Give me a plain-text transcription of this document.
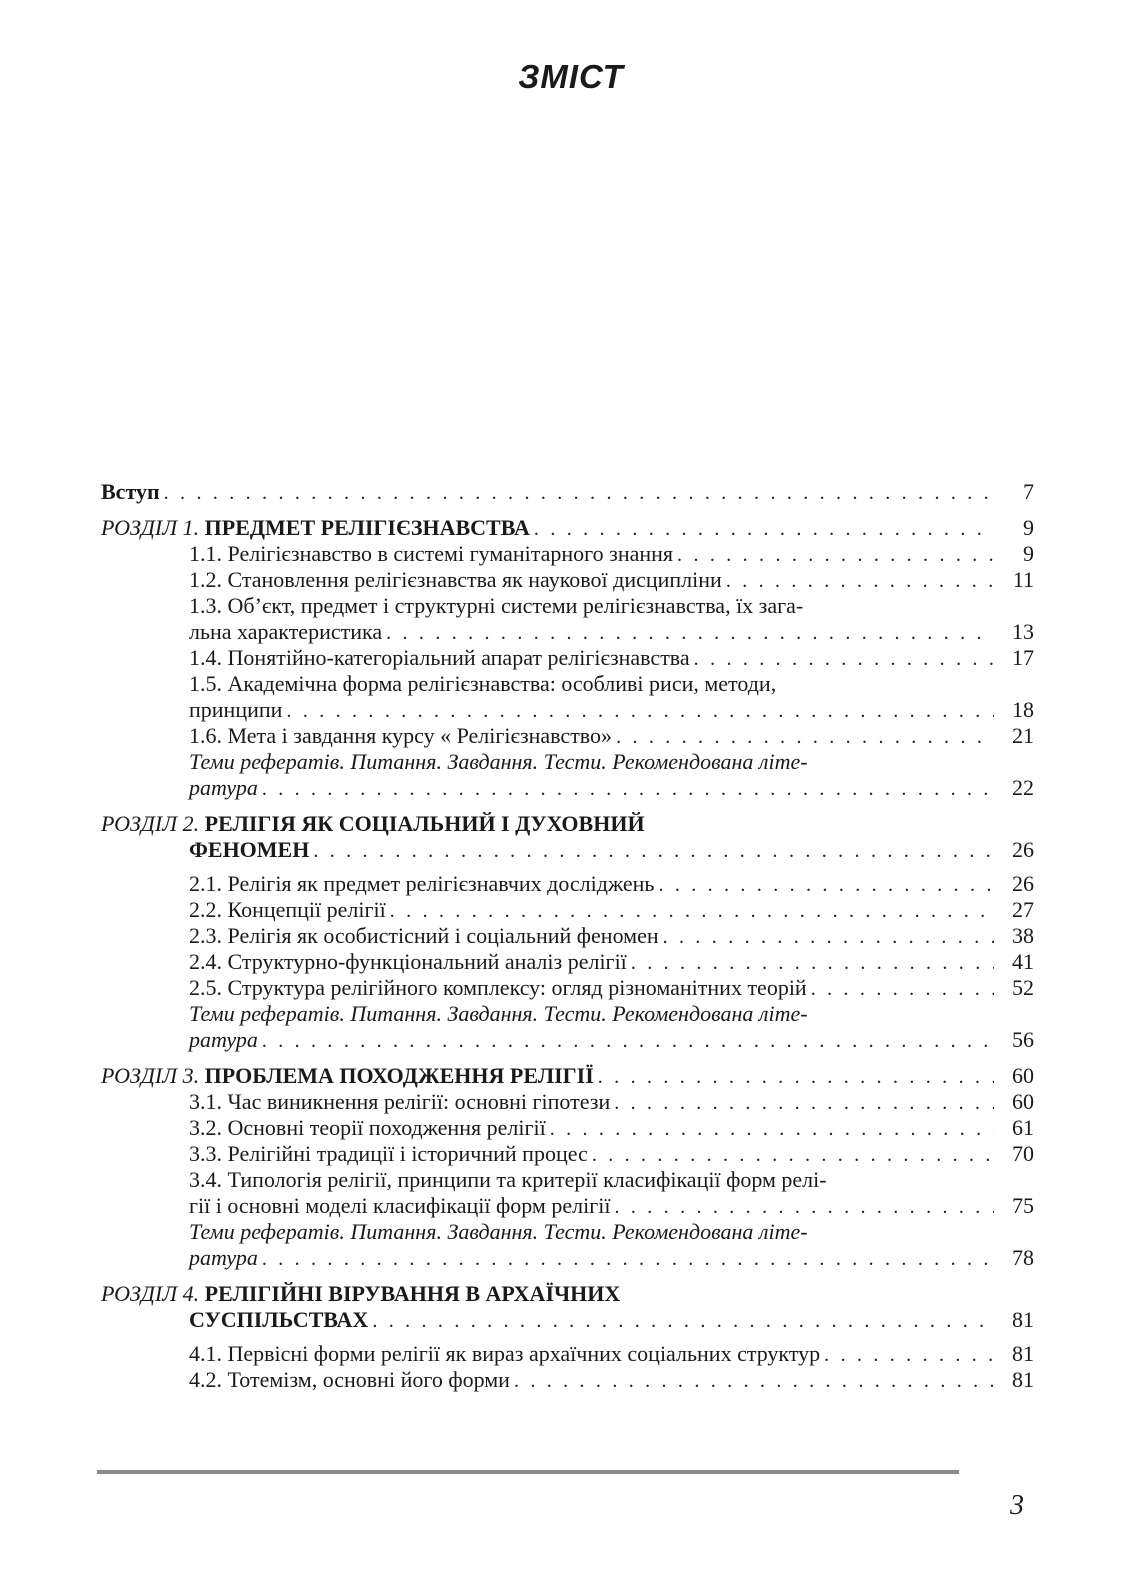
ЗМІСТ
Вступ . . .	7
РОЗДІЛ 1. ПРЕДМЕТ РЕЛІГІЄЗНАВСТВА . . .	9
1.1. Релігієзнавство в системі гуманітарного знання . . .	9
1.2. Становлення релігієзнавства як наукової дисципліни . . .	11
1.3. Об’єкт, предмет і структурні системи релігієзнавства, їх зага-
льна характеристика . . .	13
1.4. Понятійно-категоріальний апарат релігієзнавства . . .	17
1.5. Академічна форма релігієзнавства: особливі риси, методи,
принципи . . .	18
1.6. Мета і завдання курсу « Релігієзнавство» . . .	21
Теми рефератів. Питання. Завдання. Тести. Рекомендована літе-
ратура . . .	22
РОЗДІЛ 2. РЕЛІГІЯ ЯК СОЦІАЛЬНИЙ І ДУХОВНИЙ
ФЕНОМЕН . . .	26
2.1. Релігія як предмет релігієзнавчих досліджень . . .	26
2.2. Концепції релігії . . .	27
2.3. Релігія як особистісний і соціальний феномен . . .	38
2.4. Структурно-функціональний аналіз релігії . . .	41
2.5. Структура релігійного комплексу: огляд різноманітних теорій . . .	52
Теми рефератів. Питання. Завдання. Тести. Рекомендована літе-
ратура . . .	56
РОЗДІЛ 3. ПРОБЛЕМА ПОХОДЖЕННЯ РЕЛІГІЇ . . .	60
3.1. Час виникнення релігії: основні гіпотези . . .	60
3.2. Основні теорії походження релігії . . .	61
3.3. Релігійні традиції і історичний процес . . .	70
3.4. Типологія релігії, принципи та критерії класифікації форм релі-
гії і основні моделі класифікації форм релігії . . .	75
Теми рефератів. Питання. Завдання. Тести. Рекомендована літе-
ратура . . .	78
РОЗДІЛ 4. РЕЛІГІЙНІ ВІРУВАННЯ В АРХАЇЧНИХ
СУСПІЛЬСТВАХ . . .	81
4.1. Первісні форми релігії як вираз архаїчних соціальних структур . . .	81
4.2. Тотемізм, основні його форми . . .	81
3
